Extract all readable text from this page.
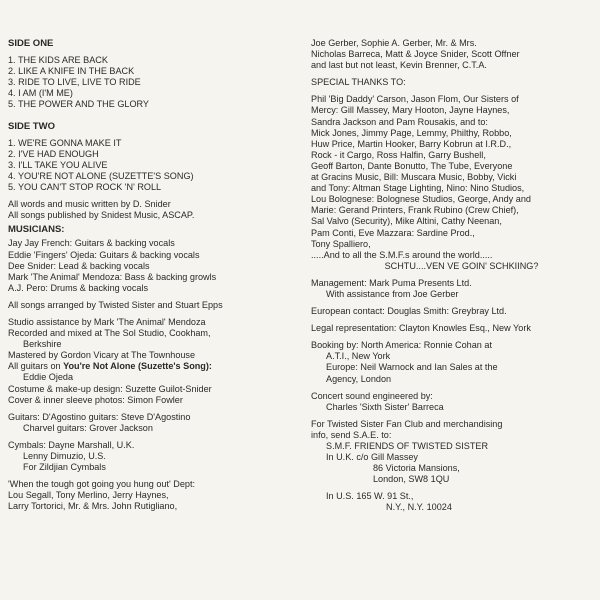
SIDE ONE
1. THE KIDS ARE BACK
2. LIKE A KNIFE IN THE BACK
3. RIDE TO LIVE, LIVE TO RIDE
4. I AM (I'M ME)
5. THE POWER AND THE GLORY
SIDE TWO
1. WE'RE GONNA MAKE IT
2. I'VE HAD ENOUGH
3. I'LL TAKE YOU ALIVE
4. YOU'RE NOT ALONE (SUZETTE'S SONG)
5. YOU CAN'T STOP ROCK 'N' ROLL
All words and music written by D. Snider
All songs published by Snidest Music, ASCAP.
MUSICIANS:
Jay Jay French: Guitars & backing vocals
Eddie 'Fingers' Ojeda: Guitars & backing vocals
Dee Snider: Lead & backing vocals
Mark 'The Animal' Mendoza: Bass & backing growls
A.J. Pero: Drums & backing vocals
All songs arranged by Twisted Sister and Stuart Epps
Studio assistance by Mark 'The Animal' Mendoza
Recorded and mixed at The Sol Studio, Cookham,
Berkshire
Mastered by Gordon Vicary at The Townhouse
All guitars on You're Not Alone (Suzette's Song):
Eddie Ojeda
Costume & make-up design: Suzette Guilot-Snider
Cover & inner sleeve photos: Simon Fowler
Guitars: D'Agostino guitars: Steve D'Agostino
Charvel guitars: Grover Jackson
Cymbals: Dayne Marshall, U.K.
Lenny Dimuzio, U.S.
For Zildjian Cymbals
'When the tough got going you hung out' Dept:
Lou Segall, Tony Merlino, Jerry Haynes,
Larry Tortorici, Mr. & Mrs. John Rutigliano,
Joe Gerber, Sophie A. Gerber, Mr. & Mrs.
Nicholas Barreca, Matt & Joyce Snider, Scott Offner
and last but not least, Kevin Brenner, C.T.A.
SPECIAL THANKS TO:
Phil 'Big Daddy' Carson, Jason Flom, Our Sisters of
Mercy: Gill Massey, Mary Hooton, Jayne Haynes,
Sandra Jackson and Pam Rousakis, and to:
Mick Jones, Jimmy Page, Lemmy, Philthy, Robbo,
Huw Price, Martin Hooker, Barry Kobrun at I.R.D.,
Rock - it Cargo, Ross Halfin, Garry Bushell,
Geoff Barton, Dante Bonutto, The Tube, Everyone
at Gracins Music, Bill: Muscara Music, Bobby, Vicki
and Tony: Altman Stage Lighting, Nino: Nino Studios,
Lou Bolognese: Bolognese Studios, George, Andy and
Marie: Gerand Printers, Frank Rubino (Crew Chief),
Sal Valvo (Security), Mike Altini, Cathy Neenan,
Pam Conti, Eve Mazzara: Sardine Prod.,
Tony Spalliero,
.....And to all the S.M.F.s around the world.....
SCHTU....VEN VE GOIN' SCHKIING?
Management: Mark Puma Presents Ltd.
With assistance from Joe Gerber
European contact: Douglas Smith: Greybray Ltd.
Legal representation: Clayton Knowles Esq., New York
Booking by: North America: Ronnie Cohan at
A.T.I., New York
Europe: Neil Warnock and Ian Sales at the
Agency, London
Concert sound engineered by:
Charles 'Sixth Sister' Barreca
For Twisted Sister Fan Club and merchandising
info, send S.A.E. to:
S.M.F. FRIENDS OF TWISTED SISTER
In U.K. c/o Gill Massey
86 Victoria Mansions,
London, SW8 1QU
In U.S. 165 W. 91 St.,
N.Y., N.Y. 10024
